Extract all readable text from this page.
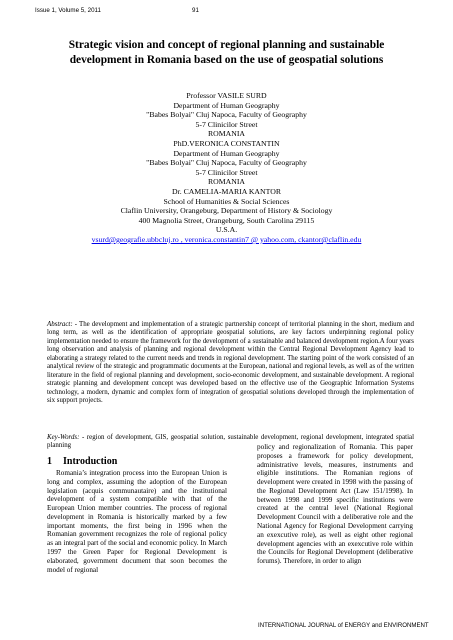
Issue 1, Volume 5, 2011	91
Strategic vision and concept of regional planning and sustainable development in Romania based on the use of geospatial solutions
Professor VASILE SURD
Department of Human Geography
"Babes Bolyai" Cluj Napoca, Faculty of Geography
5-7 Clinicilor Street
ROMANIA
PhD.VERONICA CONSTANTIN
Department of Human Geography
"Babes Bolyai" Cluj Napoca, Faculty of Geography
5-7 Clinicilor Street
ROMANIA
Dr. CAMELIA-MARIA KANTOR
School of Humanities & Social Sciences
Claflin University, Orangeburg, Department of History & Sociology
400 Magnolia Street, Orangeburg, South Carolina 29115
U.S.A.
vsurd@geografie.ubbcluj.ro , veronica.constantin7 @ yahoo.com, ckantor@claflin.edu
Abstract: - The development and implementation of a strategic partnership concept of territorial planning in the short, medium and long term, as well as the identification of appropriate geospatial solutions, are key factors underpinning regional policy implementation needed to ensure the framework for the development of a sustainable and balanced development region.A four years long observation and analysis of planning and regional development within the Central Regional Development Agency lead to elaborating a strategy related to the current needs and trends in regional development. The starting point of the work consisted of an analytical review of the strategic and programmatic documents at the European, national and regional levels, as well as of the written literature in the field of regional planning and development, socio-economic development, and sustainable development. A regional strategic planning and development concept was developed based on the effective use of the Geographic Information Systems technology, a modern, dynamic and complex form of integration of geospatial solutions developed through the implementation of six support projects.
Key-Words: - region of development, GIS, geospatial solution, sustainable development, regional development, integrated spatial planning
1 Introduction

Romania’s integration process into the European Union is long and complex, assuming the adoption of the European legislation (acquis communautaire) and the institutional development of a system compatible with that of the European Union member countries. The process of regional development in Romania is historically marked by a few important moments, the first being in 1996 when the Romanian government recognizes the role of regional policy as an integral part of the social and economic policy. In March 1997 the Green Paper for Regional Development is elaborated, government document that soon becomes the model of regional

policy and regionalization of Romania. This paper proposes a framework for policy development, administrative levels, measures, instruments and eligible institutions. The Romanian regions of development were created in 1998 with the passing of the Regional Development Act (Law 151/1998). In between 1998 and 1999 specific institutions were created at the central level (National Regional Development Council with a deliberative role and the National Agency for Regional Development carrying an exexcutive role), as well as eight other regional development agencies with an exexcutive role within the Councils for Regional Development (deliberative forums). Therefore, in order to align

INTERNATIONAL JOURNAL of ENERGY and ENVIRONMENT
